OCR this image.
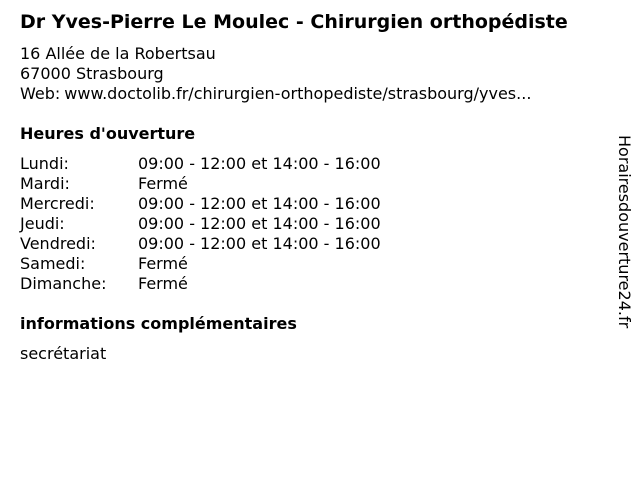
Dr Yves-Pierre Le Moulec - Chirurgien orthopédiste
16 Allée de la Robertsau
67000 Strasbourg
Web: www.doctolib.fr/chirurgien-orthopediste/strasbourg/yves...
Heures d'ouverture
Lundi:	09:00 - 12:00 et 14:00 - 16:00
Mardi:	Fermé
Mercredi:	09:00 - 12:00 et 14:00 - 16:00
Jeudi:	09:00 - 12:00 et 14:00 - 16:00
Vendredi:	09:00 - 12:00 et 14:00 - 16:00
Samedi:	Fermé
Dimanche:	Fermé
informations complémentaires
secrétariat
Horairesdouverture24.fr
